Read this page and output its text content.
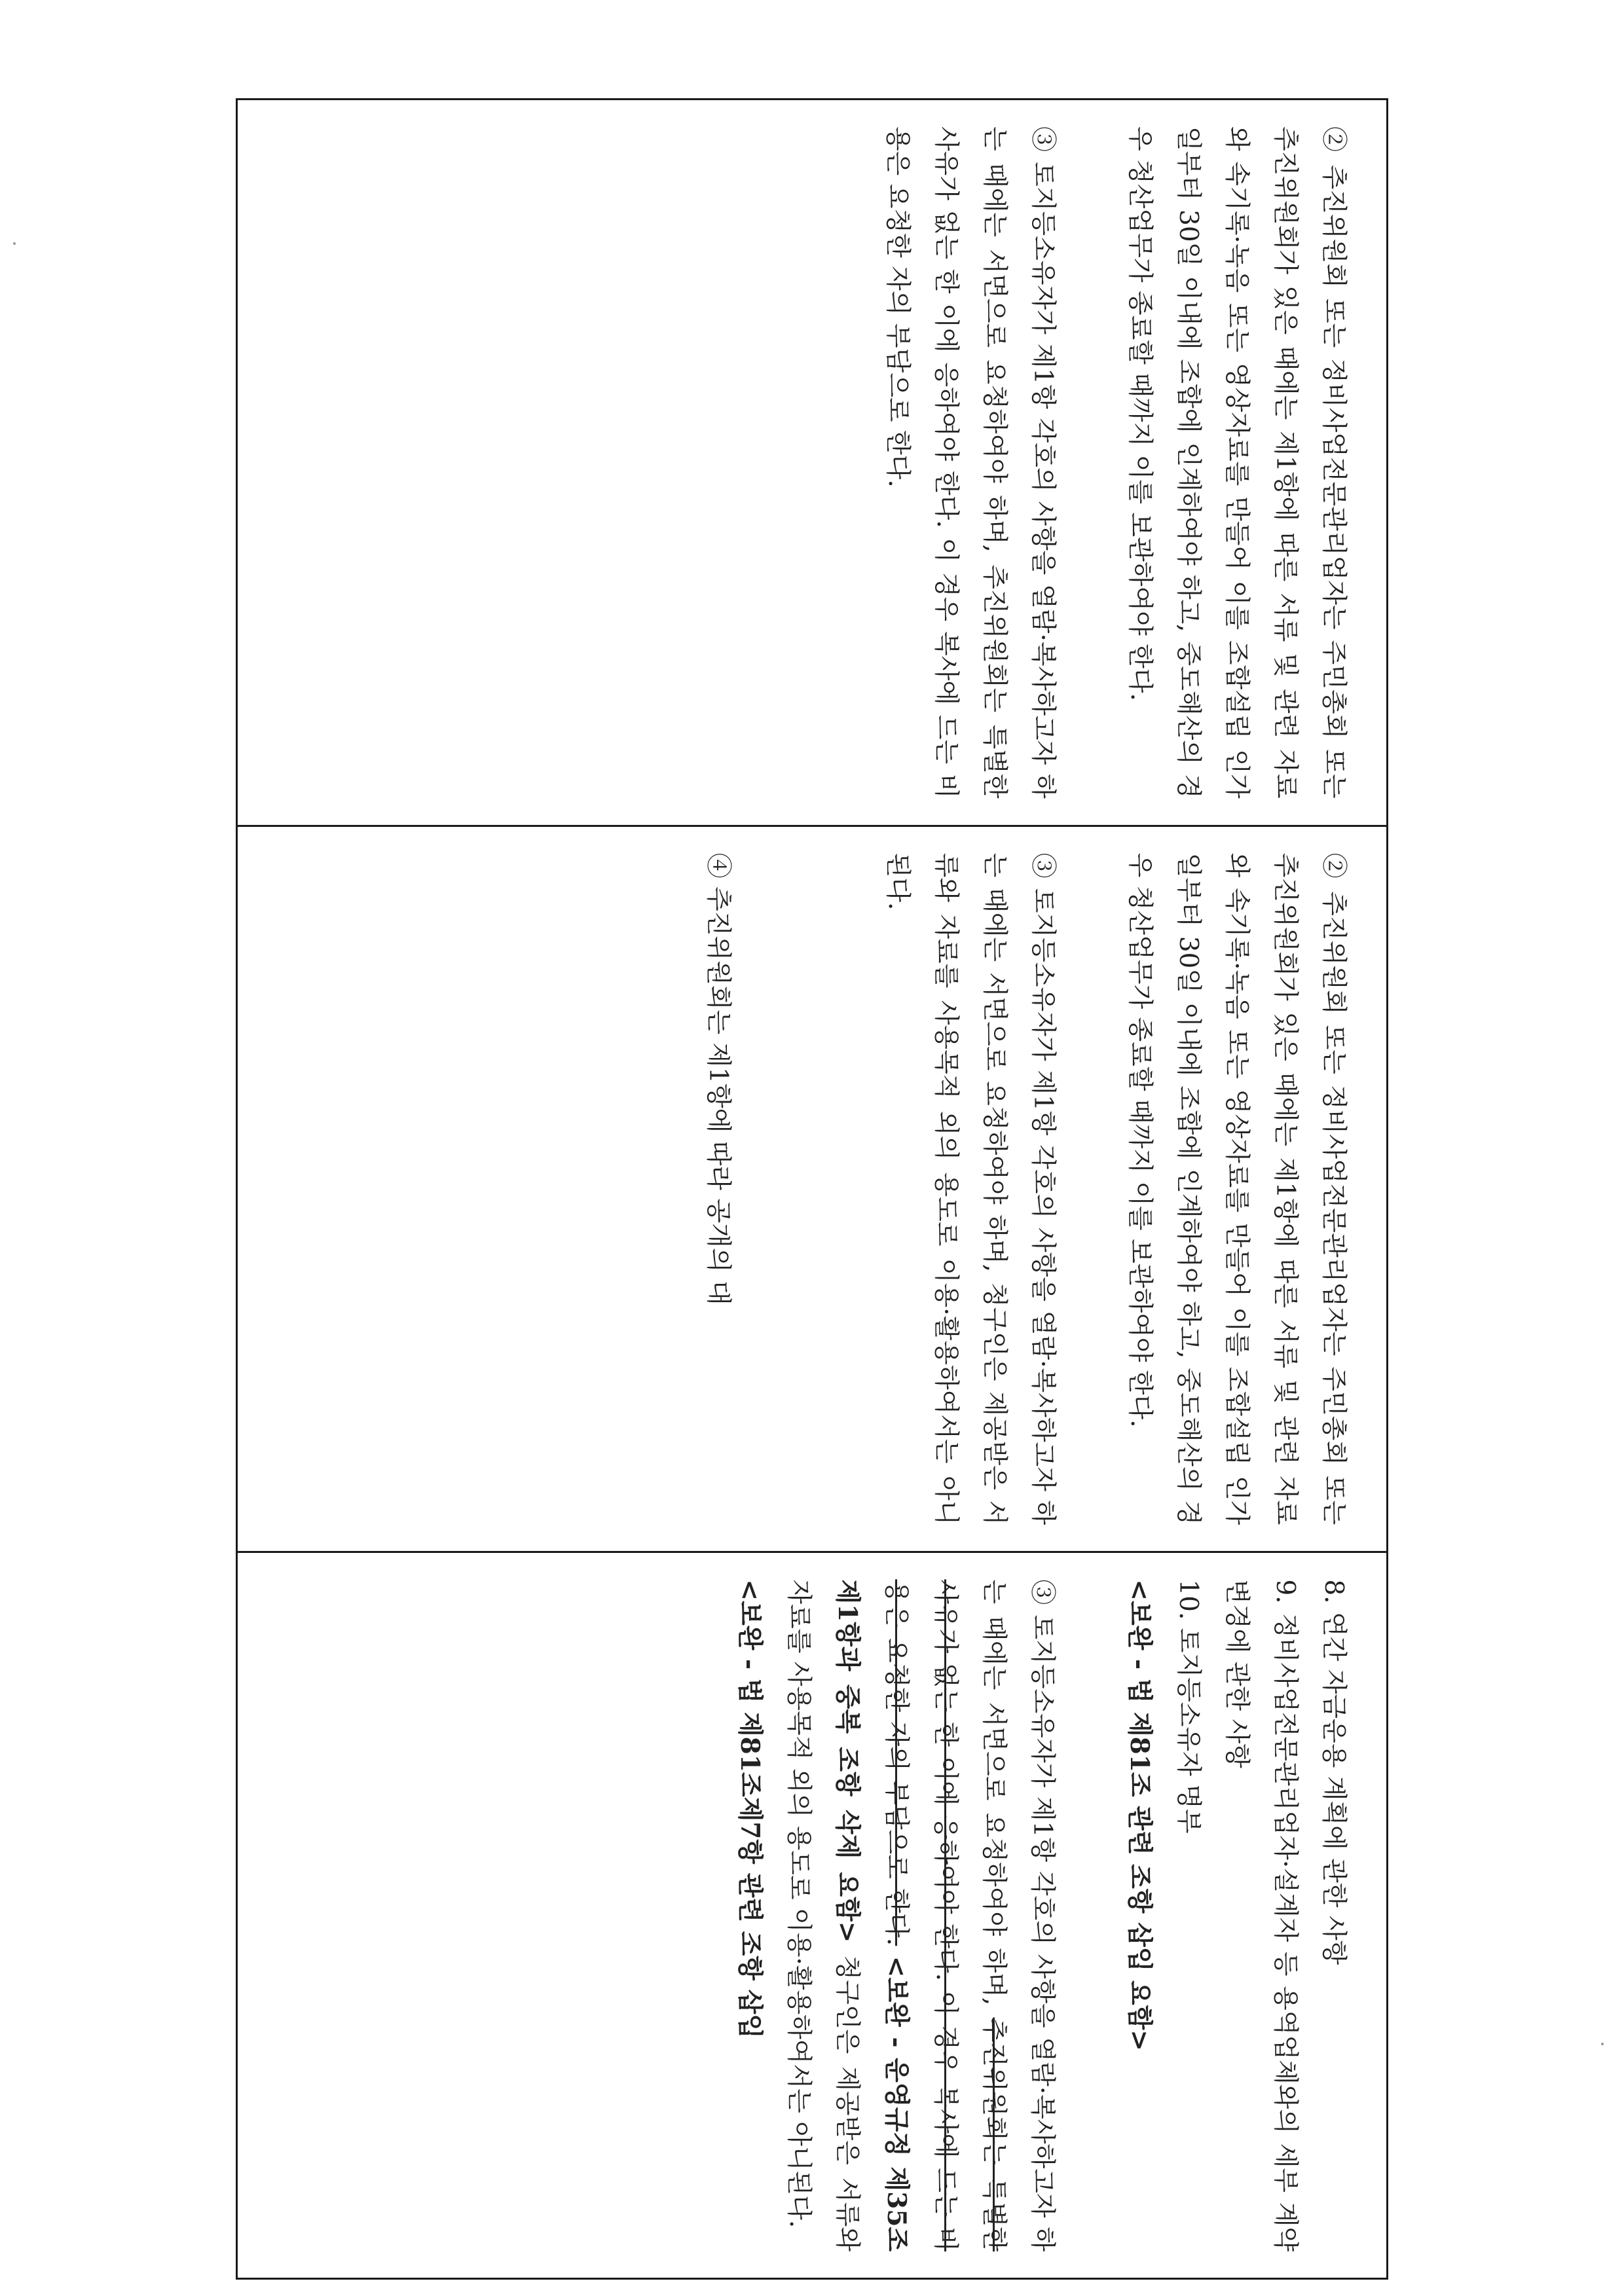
② 추진위원회 또는 정비사업전문관리업자는 주민총회 또는 추진위원회가 있은 때에는 제1항에 따른 서류 및 관련 자료와 속기록·녹음 또는 영상자료를 만들어 이를 조합설립 인가일부터 30일 이내에 조합에 인계하여야 하고, 중도해산의 경우 청산업무가 종료할 때까지 이를 보관하여야 한다.

③ 토지등소유자가 제1항 각호의 사항을 열람·복사하고자 하는 때에는 서면으로 요청하여야 하며, 추진위원회는 특별한 사유가 없는 한 이에 응하여야 한다. 이 경우 복사에 드는 비용은 요청한 자의 부담으로 한다.

② 추진위원회 또는 정비사업전문관리업자는 주민총회 또는 추진위원회가 있은 때에는 제1항에 따른 서류 및 관련 자료와 속기록·녹음 또는 영상자료를 만들어 이를 조합설립 인가일부터 30일 이내에 조합에 인계하여야 하고, 중도해산의 경우 청산업무가 종료할 때까지 이를 보관하여야 한다.

③ 토지등소유자가 제1항 각호의 사항을 열람·복사하고자 하는 때에는 서면으로 요청하여야 하며, 청구인은 제공받은 서류와 자료를 사용목적 외의 용도로 이용·활용하여서는 아니된다.

④ 추진위원회는 제1항에 따라 공개의 대

8. 연간 자금운용 계획에 관한 사항

9. 정비사업전문관리업자·설계자 등 용역업체와의 세부 계약 변경에 관한 사항

10. 토지등소유자 명부

<보완 - 법 제81조 관련 조항 삽입 요함>

③ 토지등소유자가 제1항 각호의 사항을 열람·복사하고자 하는 때에는 서면으로 요청하여야 하며, 추진위원회는 특별한 사유가 없는 한 이에 응하여야 한다. 이 경우 복사에 드는 비용은 요청한 자의 부담으로 한다. <보완 - 운영규정 제35조제1항과 중복 조항 삭제 요함> 청구인은 제공받은 서류와 자료를 사용목적 외의 용도로 이용·활용하여서는 아니된다.

<보완 - 법 제81조제7항 관련 조항 삽입
